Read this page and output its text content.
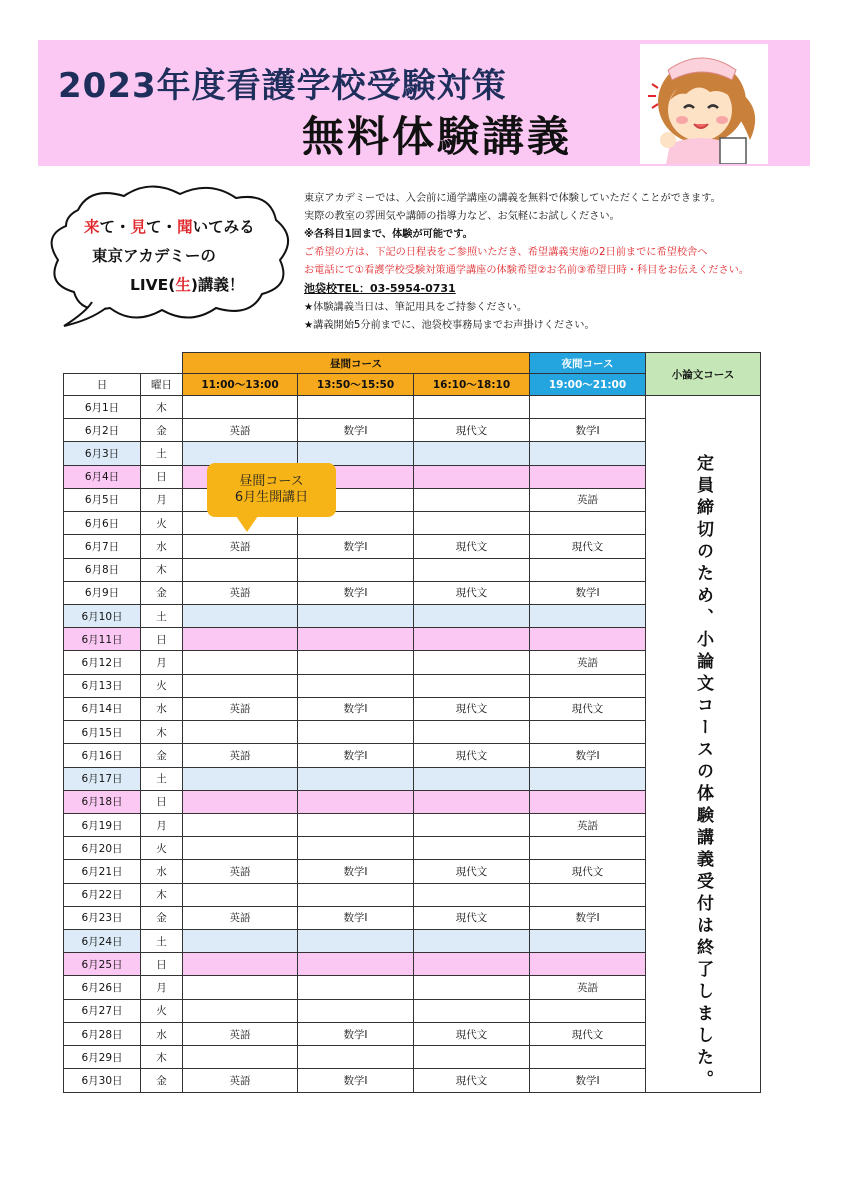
2023年度看護学校受験対策
無料体験講義
来て・見て・聞いてみる
東京アカデミーの
LIVE(生)講義！
東京アカデミーでは、入会前に通学講座の講義を無料で体験していただくことができます。
実際の教室の雰囲気や講師の指導力など、お気軽にお試しください。
※各科目1回まで、体験が可能です。
ご希望の方は、下記の日程表をご参照いただき、希望講義実施の2日前までに希望校舎へ
お電話にて①看護学校受験対策通学講座の体験希望②お名前③希望日時・科目をお伝えください。
池袋校TEL：03-5954-0731
★体験講義当日は、筆記用具をご持参ください。
★講義開始5分前までに、池袋校事務局までお声掛けください。
		昼間コース			夜間コース	小論文コース
日	曜日	11:00〜13:00	13:50〜15:50	16:10〜18:10	19:00〜21:00	
6月1日	木					定員締切のため、小論文コースの体験講義受付は終了しました。

6月2日	金	英語	数学Ⅰ	現代文	数学Ⅰ	
6月3日	土					
6月4日	日					
6月5日	月				英語	
6月6日	火					
6月7日	水	英語	数学Ⅰ	現代文	現代文	
6月8日	木					
6月9日	金	英語	数学Ⅰ	現代文	数学Ⅰ	
6月10日	土					
6月11日	日					
6月12日	月				英語	
6月13日	火					
6月14日	水	英語	数学Ⅰ	現代文	現代文	
6月15日	木					
6月16日	金	英語	数学Ⅰ	現代文	数学Ⅰ	
6月17日	土					
6月18日	日					
6月19日	月				英語	
6月20日	火					
6月21日	水	英語	数学Ⅰ	現代文	現代文	
6月22日	木					
6月23日	金	英語	数学Ⅰ	現代文	数学Ⅰ	
6月24日	土					
6月25日	日					
6月26日	月				英語	
6月27日	火					
6月28日	水	英語	数学Ⅰ	現代文	現代文	
6月29日	木					
6月30日	金	英語	数学Ⅰ	現代文	数学Ⅰ	
昼間コース
6月生開講日
